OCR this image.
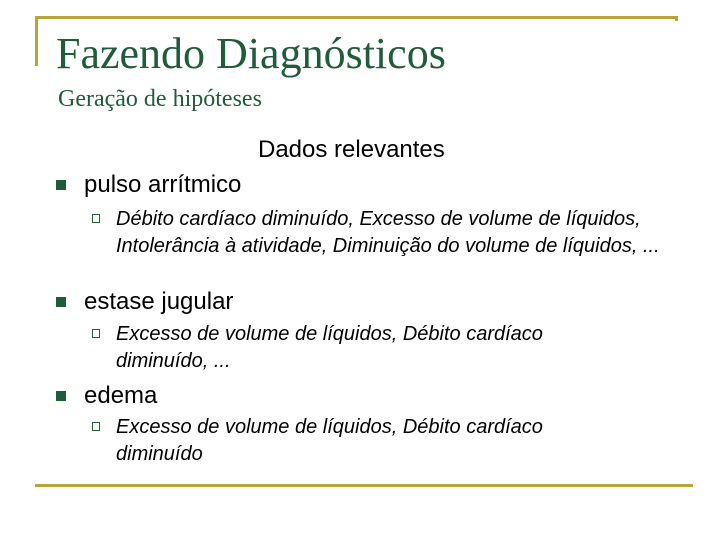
Fazendo Diagnósticos
Geração de hipóteses
Dados relevantes
pulso arrítmico
Débito cardíaco diminuído, Excesso de volume de líquidos, Intolerância à atividade, Diminuição do volume de líquidos, ...
estase jugular
Excesso de volume de líquidos, Débito cardíaco diminuído, ...
edema
Excesso de volume de líquidos, Débito cardíaco diminuído
